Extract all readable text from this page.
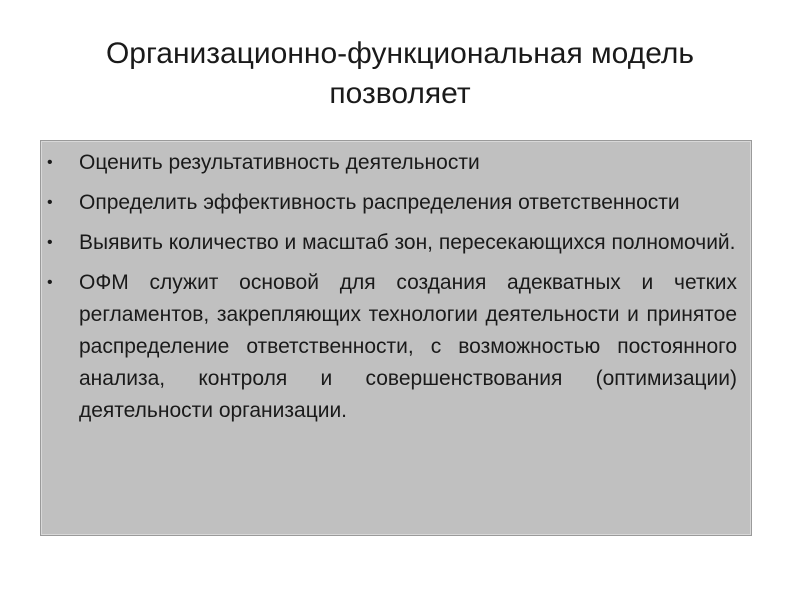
Организационно-функциональная модель
позволяет
• Оценить результативность деятельности
• Определить эффективность распределения ответственности
• Выявить количество и масштаб зон, пересекающихся полномочий.
• ОФМ служит основой для создания адекватных и четких регламентов, закрепляющих технологии деятельности и принятое распределение ответственности, с возможностью постоянного анализа, контроля и совершенствования (оптимизации) деятельности организации.
